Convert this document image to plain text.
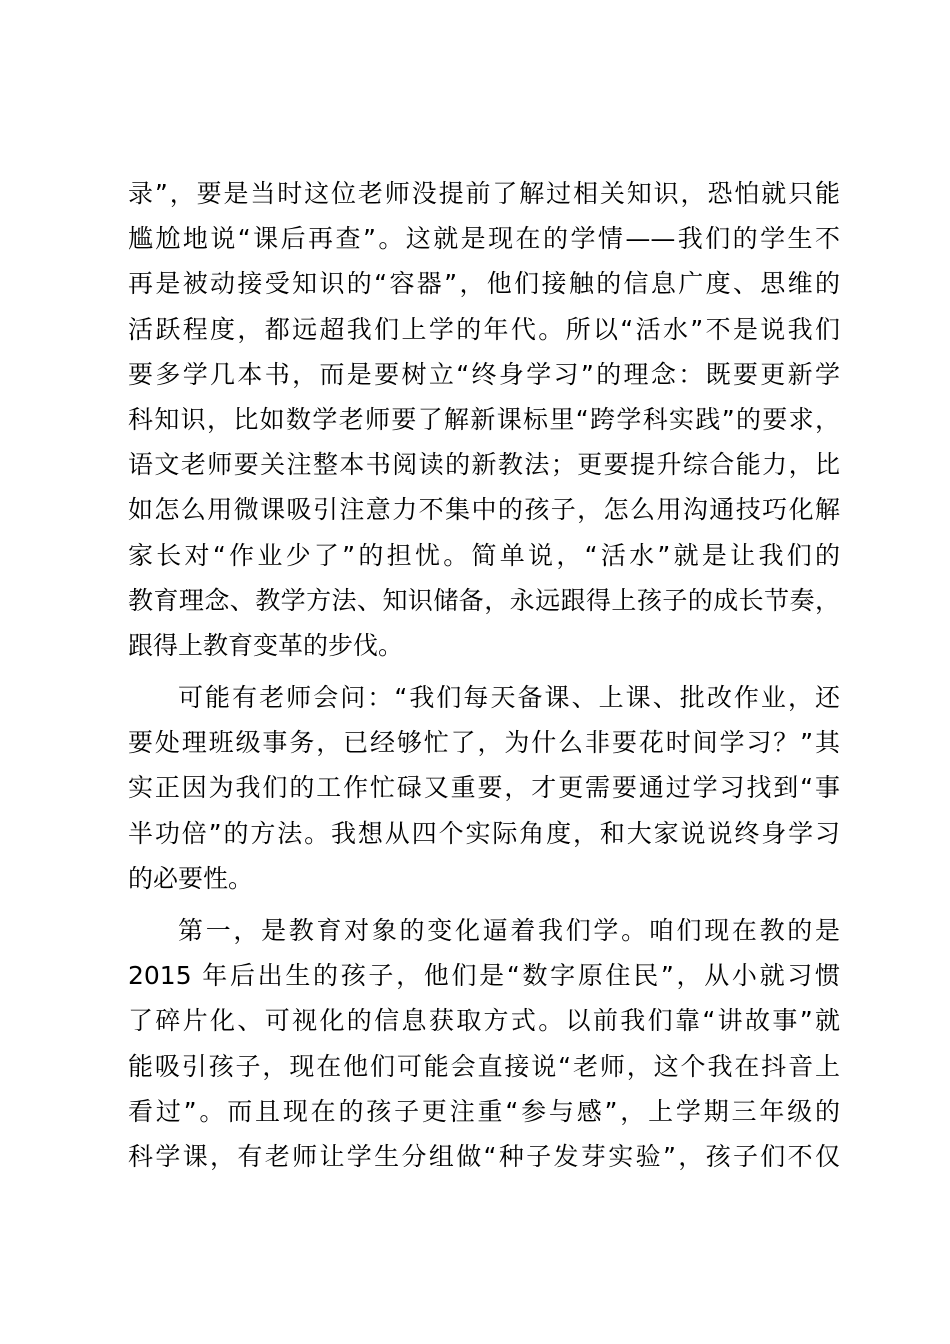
录”，要是当时这位老师没提前了解过相关知识，恐怕就只能
尴尬地说“课后再查”。这就是现在的学情——我们的学生不
再是被动接受知识的“容器”，他们接触的信息广度、思维的
活跃程度，都远超我们上学的年代。所以“活水”不是说我们
要多学几本书，而是要树立“终身学习”的理念：既要更新学
科知识，比如数学老师要了解新课标里“跨学科实践”的要求，
语文老师要关注整本书阅读的新教法；更要提升综合能力，比
如怎么用微课吸引注意力不集中的孩子，怎么用沟通技巧化解
家长对“作业少了”的担忧。简单说，“活水”就是让我们的
教育理念、教学方法、知识储备，永远跟得上孩子的成长节奏，
跟得上教育变革的步伐。
可能有老师会问：“我们每天备课、上课、批改作业，还
要处理班级事务，已经够忙了，为什么非要花时间学习？”其
实正因为我们的工作忙碌又重要，才更需要通过学习找到“事
半功倍”的方法。我想从四个实际角度，和大家说说终身学习
的必要性。
第一，是教育对象的变化逼着我们学。咱们现在教的是
2015 年后出生的孩子，他们是“数字原住民”，从小就习惯
了碎片化、可视化的信息获取方式。以前我们靠“讲故事”就
能吸引孩子，现在他们可能会直接说“老师，这个我在抖音上
看过”。而且现在的孩子更注重“参与感”，上学期三年级的
科学课，有老师让学生分组做“种子发芽实验”，孩子们不仅
